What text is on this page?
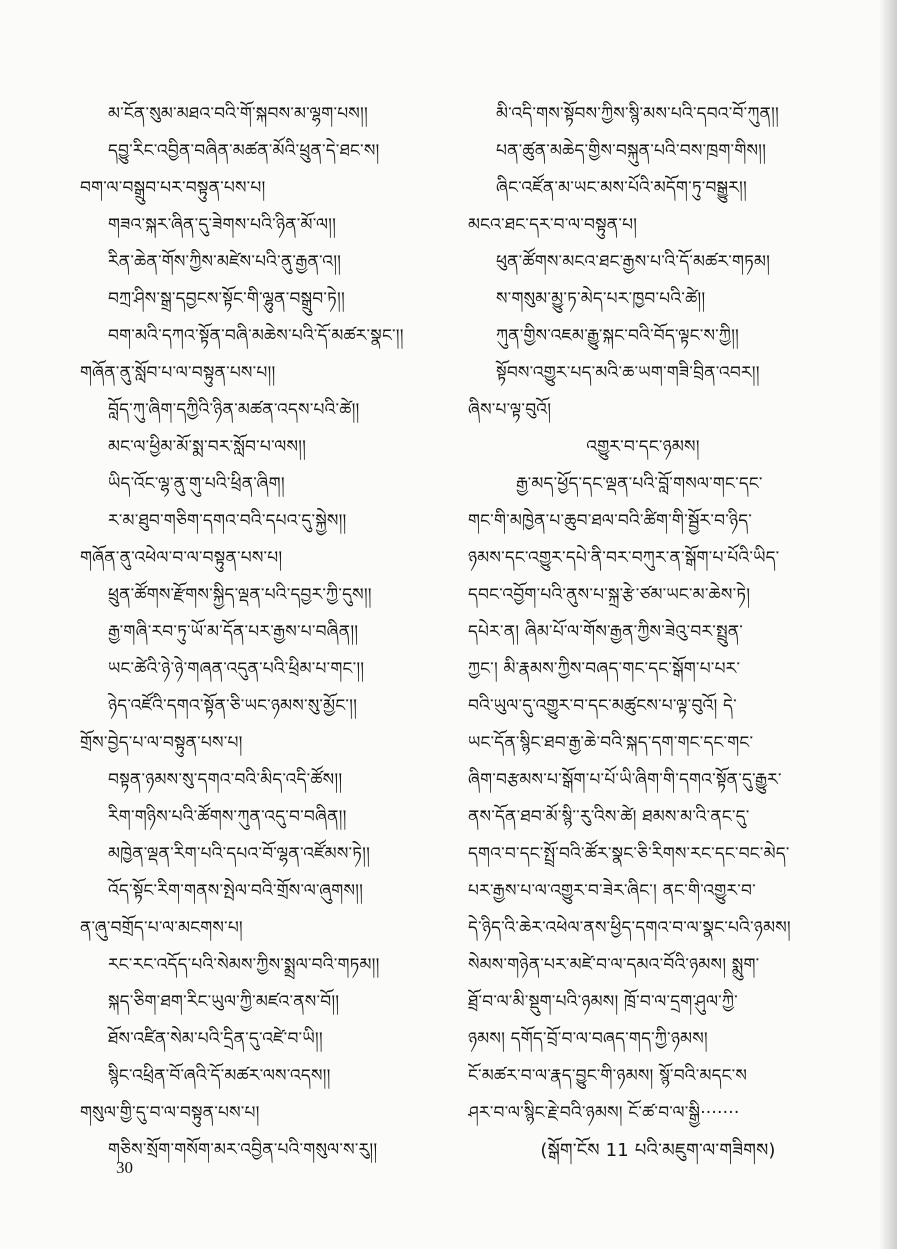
མ་ངོན་སུམ་མཐའ་བའི་གོ་སྐབས་མ་ལྷག་པས།།
དབྱུ་རིང་འབྱིན་བཞིན་མཚན་མོའི་ཕྲུན་དེ་ཐང་ས།
བག་ལ་བསྒྲུབ་པར་བསྟུན་པས་པ།
གཟའ་སྐར་ཞིན་དུ་ཟེགས་པའི་ཉིན་མོ་ལ།།
རིན་ཆེན་གོས་ཀྱིས་མཛེས་པའི་ནུ་རྒྱན་འ།།
བཀྲ་ཤིས་སྒྲ་དབྱངས་སྟོང་གི་ལྷུན་བསྒྲུབ་ཏེ།།
བག་མའི་དཀའ་སྟོན་བཞི་མཆེས་པའི་དོ་མཚར་སྣང་།།
གཞོན་ནུ་སློབ་པ་ལ་བསྟུན་པས་པ།།
བློད་ཀུ་ཞིག་དཀྱིའི་ཉིན་མཚན་འདས་པའི་ཚེ།།
མང་ལ་ཕྱིམ་མོ་སྨ་བར་སློབ་པ་ལས།།
ཡིད་འོང་ལྷ་ནུ་གུ་པའི་ཕྲིན་ཞིག།
ར་མ་ཐུབ་གཅིག་དགའ་བའི་དཔའ་དུ་སྐྱེས།།
གཞོན་ནུ་འཕེལ་བ་ལ་བསྟུན་པས་པ།
ཕྲུན་ཚོགས་རྫོགས་སྐྱིད་ལྡན་པའི་དབྱར་ཀྱི་དུས།།
རྒྱ་གཞི་རབ་ཏུ་ཡོ་མ་དོན་པར་རྒྱས་པ་བཞིན།།
ཡང་ཚེའི་ཉེ་ཉེ་གཞན་འདུན་པའི་ཕྲིམ་པ་གང་།།
ཉེད་འཛོའི་དགའ་སྟོན་ཅི་ཡང་ཉམས་སུ་མྱོང་།།
གྲོས་བྱེད་པ་ལ་བསྟུན་པས་པ།
བསྟན་ཉམས་སུ་དགའ་བའི་མིད་འདི་ཚོས།།
རིག་གཉིས་པའི་ཚོགས་ཀུན་འདུ་བ་བཞིན།།
མཁྱེན་ལྡན་རིག་པའི་དཔའ་བོ་ལྷན་འཛོམས་ཏེ།།
འོད་སྟོང་རིག་གནས་སྤེལ་བའི་གྲོས་ལ་ཞུགས།།
ན་ཞུ་བགྲོད་པ་ལ་མངགས་པ།
རང་རང་འདོད་པའི་སེམས་ཀྱིས་སྨྲལ་བའི་གཏམ།།
སྐད་ཅིག་ཐག་རིང་ཡུལ་ཀྱི་མཛའ་ནས་བོ།།
ཐོས་འཛིན་སེམ་པའི་དྲིན་དུ་འཛེ་བ་ཡི།།
སྙིང་འཕྲིན་བོ་ཞའི་དོ་མཚར་ལས་འདས།།
གསུལ་གྱི་དུ་བ་ལ་བསྟུན་པས་པ།
གཅིས་སྲོག་གསོག་མར་འབྱིན་པའི་གསུལ་ས་རུ།།
མི་འདི་གས་སྟོབས་ཀྱིས་སྙི་མས་པའི་དབའ་བོ་ཀུན།།
པན་ཚུན་མཆེད་གྱིས་བསྐུན་པའི་བས་ཁྲག་གིས།།
ཞིང་འཛོན་མ་ཡང་མས་པོའི་མདོག་ཏུ་བསྒྱུར།།
མངའ་ཐང་དར་བ་ལ་བསྟུན་པ།
ཕུན་ཚོགས་མངའ་ཐང་རྒྱས་པ་འི་དོ་མཚར་གཏམ།
ས་གསུམ་མྱུ་ཏ་མེད་པར་ཁྱབ་པའི་ཚེ།།
ཀུན་གྱིས་འཇམ་རྒྱུ་སྐང་བའི་བོད་ལྟང་ས་ཀྱི།།
སྟོབས་འགྱུར་པད་མའི་ཆ་ཡག་གཟི་བྲིན་འབར།།
ཞིས་པ་ལྟ་བུའོ།
འགྱུར་བ་དང་ཉམས།
རྒྱ་མད་ཕྱོད་དང་ལྡན་པའི་བློ་གསལ་གང་དང་
གང་གི་མཁྱེན་པ་ཆུབ་ཐལ་བའི་ཚིག་གི་སྦྱོར་བ་ཉིད་
ཉམས་དང་འགྱུར་དཔེ་ནི་བར་བཀུར་ན་སྒོག་པ་པོའི་ཡིད་
དབང་འབྱོག་པའི་ནུས་པ་སྐྲ་རྩེ་ཙམ་ཡང་མ་ཆེས་ཏེ།
དཔེར་ན། ཞིམ་པོ་ལ་གོས་རྒྱན་ཀྱིས་ཟེའུ་བར་སྤྲུན་
ཀྱང་། མི་རྣམས་ཀྱིས་བཞད་གང་དང་སྒོག་པ་པར་
བའི་ཡུལ་དུ་འགྱུར་བ་དང་མཚུངས་པ་ལྟ་བུའོ། དེ་
ཡང་དོན་སྙིང་ཐབ་རྒྱ་ཆེ་བའི་སྐད་དག་གང་དང་གང་
ཞིག་བརྩམས་པ་སྒོག་པ་པོ་ཡི་ཞིག་གི་དགའ་སྟོན་དུ་རྒྱུར་
ནས་དོན་ཐབ་མོ་སྙི་་རུ་འིས་ཚེ། ཐམས་མ་འི་ནང་དུ་
དགའ་བ་དང་སྤྲོ་བའི་ཚོར་སྣང་ཅི་རིགས་རང་དང་བང་མེད་
པར་རྒྱས་པ་ལ་འགྱུར་བ་ཟེར་ཞིང་། ནང་གི་འགྱུར་བ་
དེ་ཉིད་འི་ཆེར་འཕེལ་ནས་ཕྱིད་དགའ་བ་ལ་སྣང་པའི་ཉམས།
སེམས་གཉེན་པར་མཛེ་བ་ལ་དམའ་བོའི་ཉམས། སྨུག་
ཐྲོ་བ་ལ་མི་སྡུག་པའི་ཉམས། ཁྲོ་བ་ལ་དྲག་ཤུལ་ཀྱི་
ཉམས། དགོད་བྲོ་བ་ལ་བཞད་གད་ཀྱི་ཉམས།
ངོ་མཚར་བ་ལ་རྣད་བྱུང་གི་ཉམས། སྙོ་བའི་མདང་ས
ཤར་བ་ལ་སྙིང་རྗེ་བའི་ཉམས། ངོ་ཚ་བ་ལ་སྒྱི·······
(སྒོག་ངོས 11 པའི་མཇུག་ལ་གཟིགས)
30
